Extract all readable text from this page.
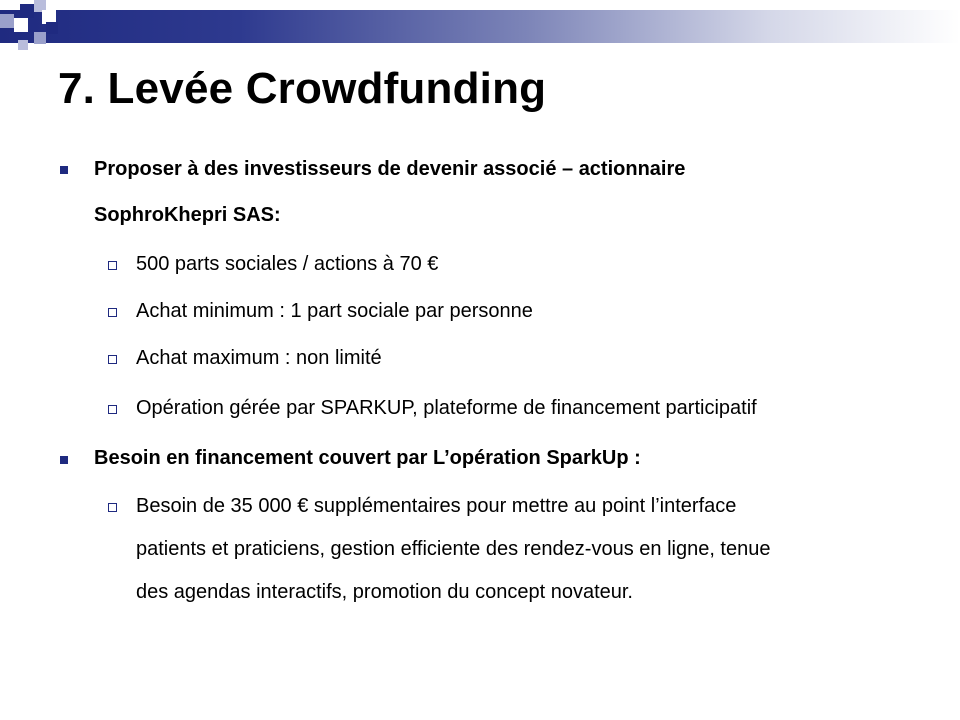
7. Levée Crowdfunding
Proposer à des investisseurs de devenir associé – actionnaire
SophroKhepri SAS:
500 parts sociales / actions à 70 €
Achat minimum : 1 part sociale par personne
Achat maximum : non limité
Opération gérée par SPARKUP, plateforme de financement participatif
Besoin en financement couvert par L’opération SparkUp :
Besoin de 35 000 € supplémentaires pour mettre au point l’interface
patients et praticiens, gestion efficiente des rendez-vous en ligne, tenue
des agendas interactifs, promotion du concept novateur.
